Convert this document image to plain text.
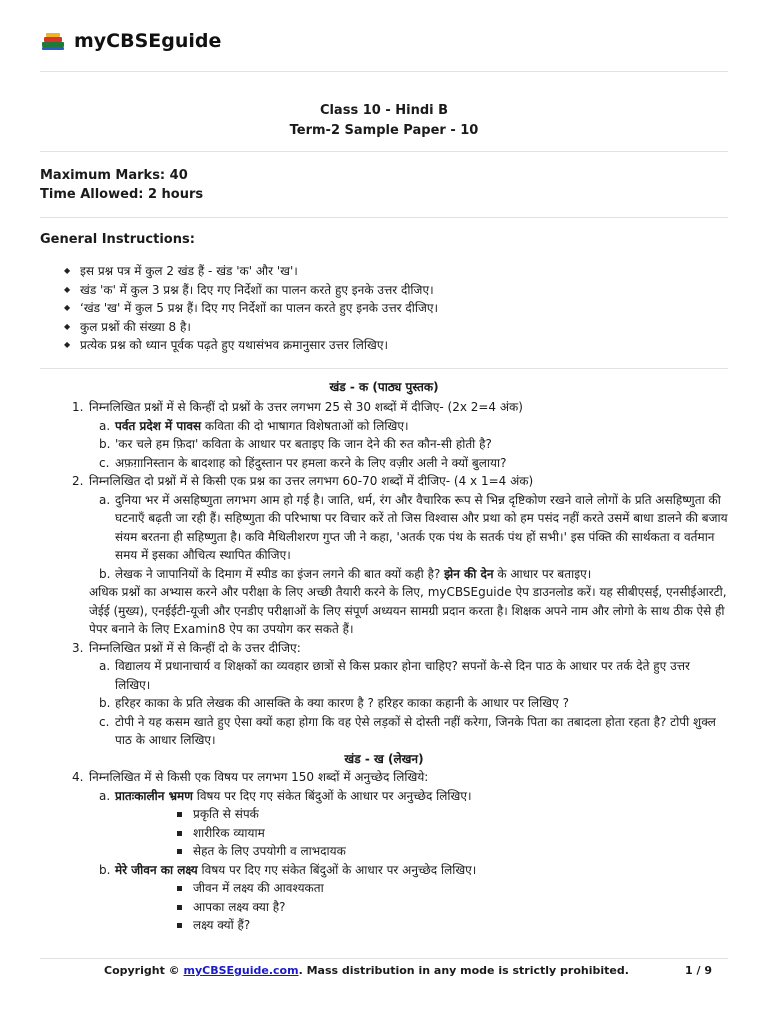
myCBSEguide
Class 10 - Hindi B
Term-2 Sample Paper - 10
Maximum Marks: 40
Time Allowed: 2 hours
General Instructions:
◆ इस प्रश्न पत्र में कुल 2 खंड हैं - खंड 'क' और 'ख'।
◆ खंड 'क' में कुल 3 प्रश्न हैं। दिए गए निर्देशों का पालन करते हुए इनके उत्तर दीजिए।
◆ ‘खंड 'ख' में कुल 5 प्रश्न हैं। दिए गए निर्देशों का पालन करते हुए इनके उत्तर दीजिए।
◆ कुल प्रश्नों की संख्या 8 है।
◆ प्रत्येक प्रश्न को ध्यान पूर्वक पढ़ते हुए यथासंभव क्रमानुसार उत्तर लिखिए।
खंड - क (पाठ्य पुस्तक)
1. निम्नलिखित प्रश्नों में से किन्हीं दो प्रश्नों के उत्तर लगभग 25 से 30 शब्दों में दीजिए- (2x 2=4 अंक)
a. पर्वत प्रदेश में पावस कविता की दो भाषागत विशेषताओं को लिखिए।
b. 'कर चले हम फ़िदा' कविता के आधार पर बताइए कि जान देने की रुत कौन-सी होती है?
c. अफ़ग़ानिस्तान के बादशाह को हिंदुस्तान पर हमला करने के लिए वज़ीर अली ने क्यों बुलाया?
2. निम्नलिखित दो प्रश्नों में से किसी एक प्रश्न का उत्तर लगभग 60-70 शब्दों में दीजिए- (4 x 1=4 अंक)
a. दुनिया भर में असहिष्णुता लगभग आम हो गई है। जाति, धर्म, रंग और वैचारिक रूप से भिन्न दृष्टिकोण रखने वाले लोगों के प्रति असहिष्णुता की घटनाएँ बढ़ती जा रही हैं। सहिष्णुता की परिभाषा पर विचार करें तो जिस विश्वास और प्रथा को हम पसंद नहीं करते उसमें बाधा डालने की बजाय संयम बरतना ही सहिष्णुता है। कवि मैथिलीशरण गुप्त जी ने कहा, 'अतर्क एक पंथ के सतर्क पंथ हों सभी।' इस पंक्ति की सार्थकता व वर्तमान समय में इसका औचित्य स्थापित कीजिए।
b. लेखक ने जापानियों के दिमाग में स्पीड का इंजन लगने की बात क्यों कही है? झेन की देन के आधार पर बताइए।
अधिक प्रश्नों का अभ्यास करने और परीक्षा के लिए अच्छी तैयारी करने के लिए, myCBSEguide ऐप डाउनलोड करें। यह सीबीएसई, एनसीईआरटी, जेईई (मुख्य), एनईईटी-यूजी और एनडीए परीक्षाओं के लिए संपूर्ण अध्ययन सामग्री प्रदान करता है। शिक्षक अपने नाम और लोगो के साथ ठीक ऐसे ही पेपर बनाने के लिए Examin8 ऐप का उपयोग कर सकते हैं।
3. निम्नलिखित प्रश्नों में से किन्हीं दो के उत्तर दीजिए:
a. विद्यालय में प्रधानाचार्य व शिक्षकों का व्यवहार छात्रों से किस प्रकार होना चाहिए? सपनों के-से दिन पाठ के आधार पर तर्क देते हुए उत्तर लिखिए।
b. हरिहर काका के प्रति लेखक की आसक्ति के क्या कारण है ? हरिहर काका कहानी के आधार पर लिखिए ?
c. टोपी ने यह कसम खाते हुए ऐसा क्यों कहा होगा कि वह ऐसे लड़कों से दोस्ती नहीं करेगा, जिनके पिता का तबादला होता रहता है? टोपी शुक्ल पाठ के आधार लिखिए।
खंड - ख (लेखन)
4. निम्नलिखित में से किसी एक विषय पर लगभग 150 शब्दों में अनुच्छेद लिखिये:
a. प्रातःकालीन भ्रमण विषय पर दिए गए संकेत बिंदुओं के आधार पर अनुच्छेद लिखिए।
प्रकृति से संपर्क
शारीरिक व्यायाम
सेहत के लिए उपयोगी व लाभदायक
b. मेरे जीवन का लक्ष्य विषय पर दिए गए संकेत बिंदुओं के आधार पर अनुच्छेद लिखिए।
जीवन में लक्ष्य की आवश्यकता
आपका लक्ष्य क्या है?
लक्ष्य क्यों हैं?
Copyright © myCBSEguide.com. Mass distribution in any mode is strictly prohibited.	1 / 9
